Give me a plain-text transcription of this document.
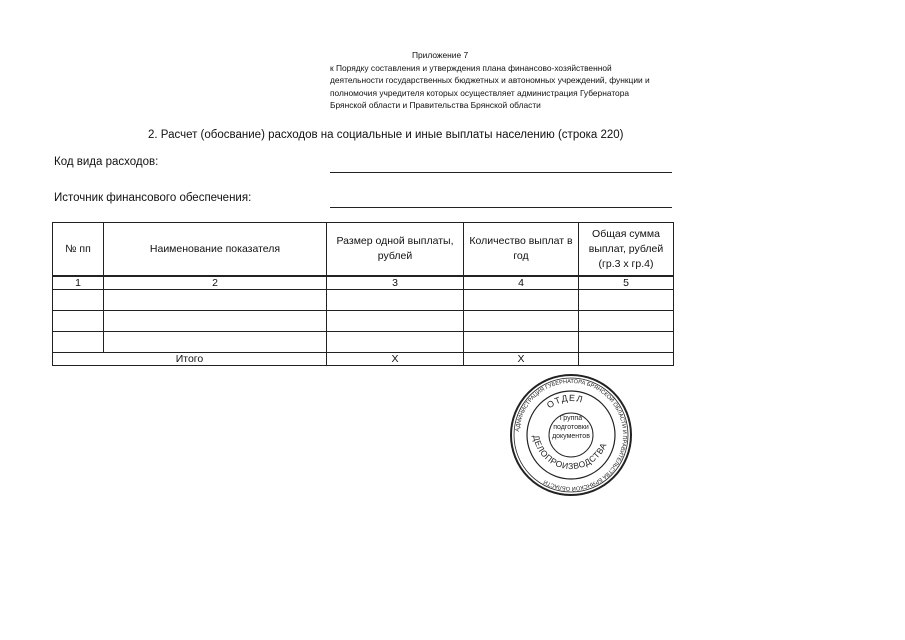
Приложение 7
к Порядку составления и утверждения плана финансово-хозяйственной
деятельности государственных бюджетных и автономных учреждений, функции и
полномочия учредителя которых осуществляет администрация Губернатора
Брянской области и Правительства Брянской области
2. Расчет (обосвание) расходов на социальные и иные выплаты населению (строка 220)
Код вида расходов:
Источник финансового обеспечения:
№ пп	Наименование показателя	Размер одной выплаты, рублей	Количество выплат в год	Общая сумма выплат, рублей (гр.3 х гр.4)
1	2	3	4	5

Итого		Х	Х	
АДМИНИСТРАЦИЯ ГУБЕРНАТОРА БРЯНСКОЙ ОБЛАСТИ И ПРАВИТЕЛЬСТВА БРЯНСКОЙ ОБЛАСТИ
ОТДЕЛ
ДЕЛОПРОИЗВОДСТВА
Группа
подготовки
документов
